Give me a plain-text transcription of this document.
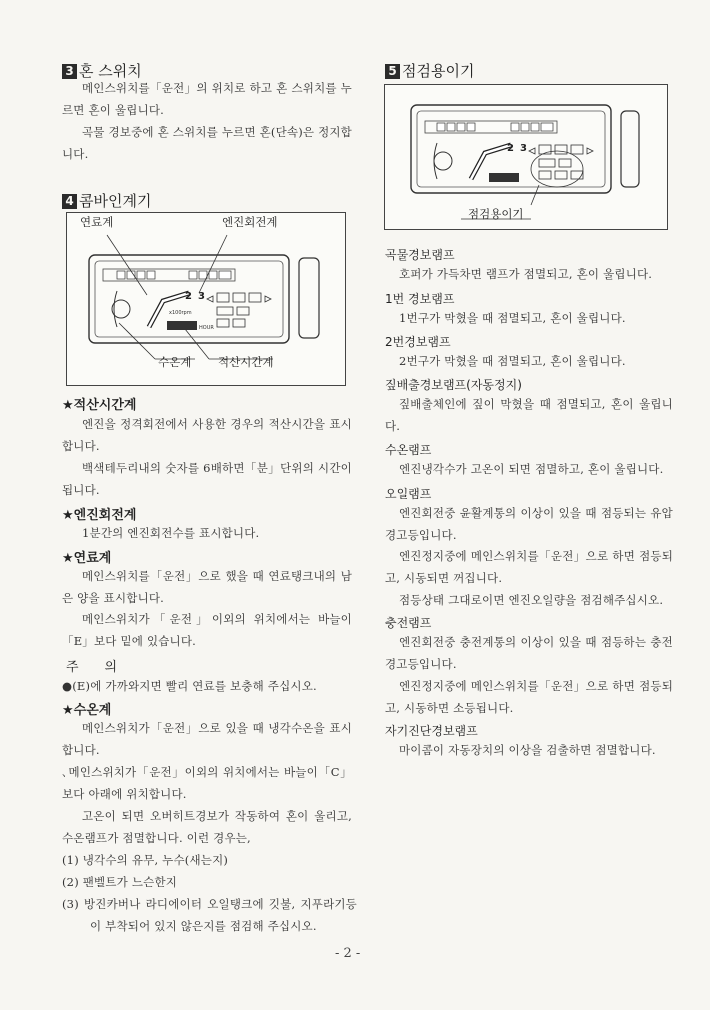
3 혼 스위치
메인스위치를「운전」의 위치로 하고 혼 스위치를 누르면 혼이 울립니다.
곡물 경보중에 혼 스위치를 누르면 혼(단속)은 정지합니다.
4 콤바인계기
HOUR
x100rpm
2 3
연료계	엔진회전계
수온계 적산시간계
★적산시간계
엔진을 정격회전에서 사용한 경우의 적산시간을 표시합니다.
백색테두리내의 숫자를 6배하면「분」단위의 시간이 됩니다.
★엔진회전계
1분간의 엔진회전수를 표시합니다.
★연료계
메인스위치를「운전」으로 했을 때 연료탱크내의 남은 양을 표시합니다.
메인스위치가「운전」이외의 위치에서는 바늘이「E」보다 밑에 있습니다.
주　　의
●(E)에 가까와지면 빨리 연료를 보충해 주십시오.
★수온계
메인스위치가「운전」으로 있을 때 냉각수온을 표시합니다.
､메인스위치가「운전」이외의 위치에서는 바늘이「C」보다 아래에 위치합니다.
고온이 되면 오버히트경보가 작동하여 혼이 울리고, 수온램프가 점멸합니다. 이런 경우는,
(1) 냉각수의 유무, 누수(새는지)
(2) 팬벨트가 느슨한지
(3) 방진카버나 라디에이터 오일탱크에 깃불, 지푸라기등이 부착되어 있지 않은지를 점검해 주십시오.
5 점검용이기
2 3
점검용이기
곡물경보램프
호퍼가 가득차면 램프가 점멸되고, 혼이 울립니다.
1번 경보램프
1번구가 막혔을 때 점멸되고, 혼이 울립니다.
2번경보램프
2번구가 막혔을 때 점멸되고, 혼이 울립니다.
짚배출경보램프(자동정지)
짚배출체인에 짚이 막혔을 때 점멸되고, 혼이 울립니다.
수온램프
엔진냉각수가 고온이 되면 점멸하고, 혼이 울립니다.
오일램프
엔진회전중 윤활계통의 이상이 있을 때 점등되는 유압경고등입니다.
엔진정지중에 메인스위치를「운전」으로 하면 점등되고, 시동되면 꺼집니다.
점등상태 그대로이면 엔진오일량을 점검해주십시오.
충전램프
엔진회전중 충전계통의 이상이 있을 때 점등하는 충전경고등입니다.
엔진정지중에 메인스위치를「운전」으로 하면 점등되고, 시동하면 소등됩니다.
자기진단경보램프
마이콤이 자동장치의 이상을 검출하면 점멸합니다.
- 2 -
